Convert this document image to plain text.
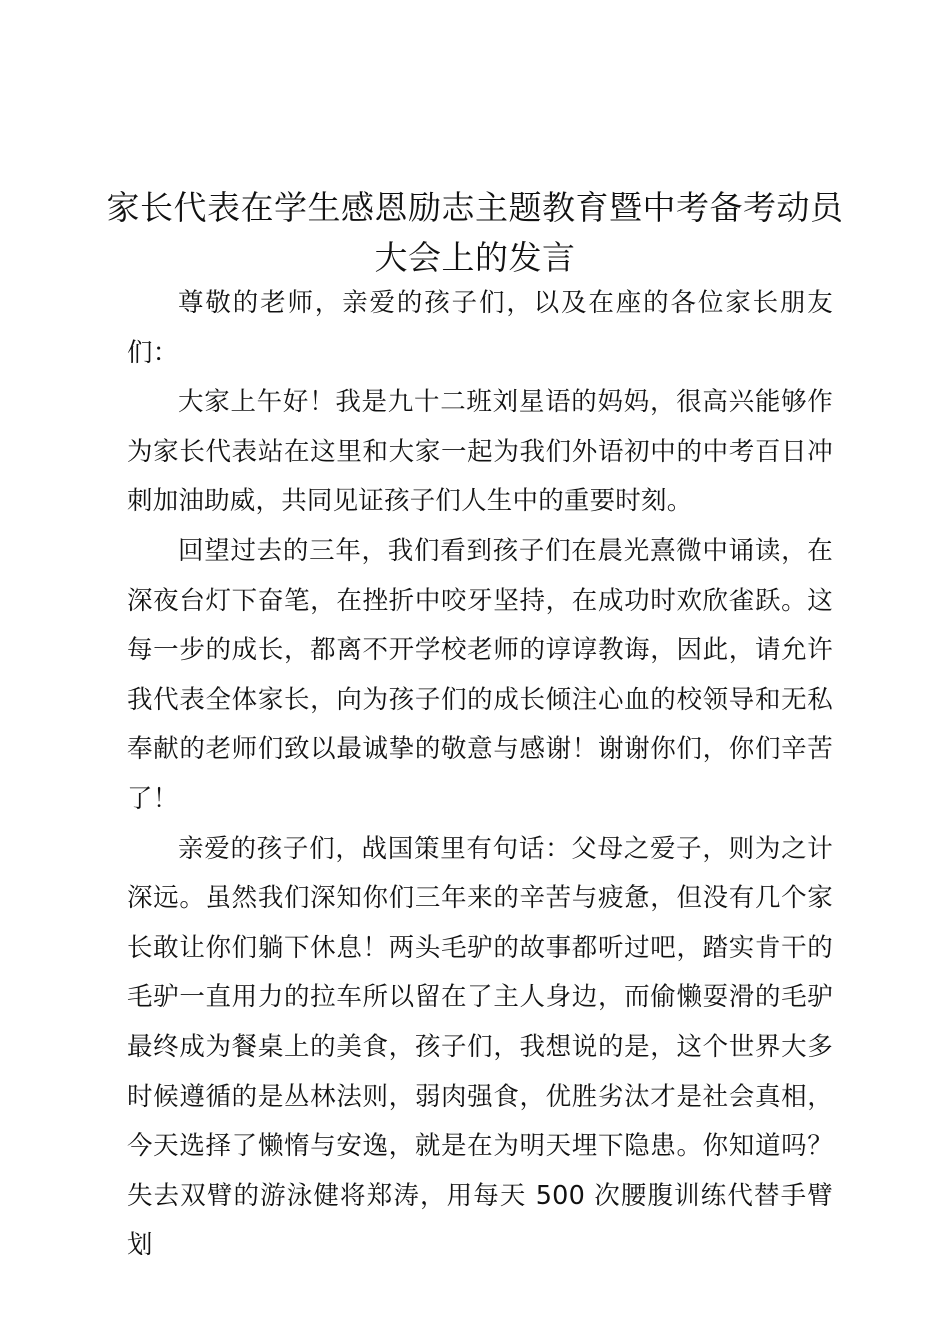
家长代表在学生感恩励志主题教育暨中考备考动员大会上的发言

尊敬的老师，亲爱的孩子们，以及在座的各位家长朋友们：

大家上午好！我是九十二班刘星语的妈妈，很高兴能够作为家长代表站在这里和大家一起为我们外语初中的中考百日冲刺加油助威，共同见证孩子们人生中的重要时刻。

回望过去的三年，我们看到孩子们在晨光熹微中诵读，在深夜台灯下奋笔，在挫折中咬牙坚持，在成功时欢欣雀跃。这每一步的成长，都离不开学校老师的谆谆教诲，因此，请允许我代表全体家长，向为孩子们的成长倾注心血的校领导和无私奉献的老师们致以最诚挚的敬意与感谢！谢谢你们，你们辛苦了！

亲爱的孩子们，战国策里有句话：父母之爱子，则为之计深远。虽然我们深知你们三年来的辛苦与疲惫，但没有几个家长敢让你们躺下休息！两头毛驴的故事都听过吧，踏实肯干的毛驴一直用力的拉车所以留在了主人身边，而偷懒耍滑的毛驴最终成为餐桌上的美食，孩子们，我想说的是，这个世界大多时候遵循的是丛林法则，弱肉强食，优胜劣汰才是社会真相，今天选择了懒惰与安逸，就是在为明天埋下隐患。你知道吗？失去双臂的游泳健将郑涛，用每天 500 次腰腹训练代替手臂划
